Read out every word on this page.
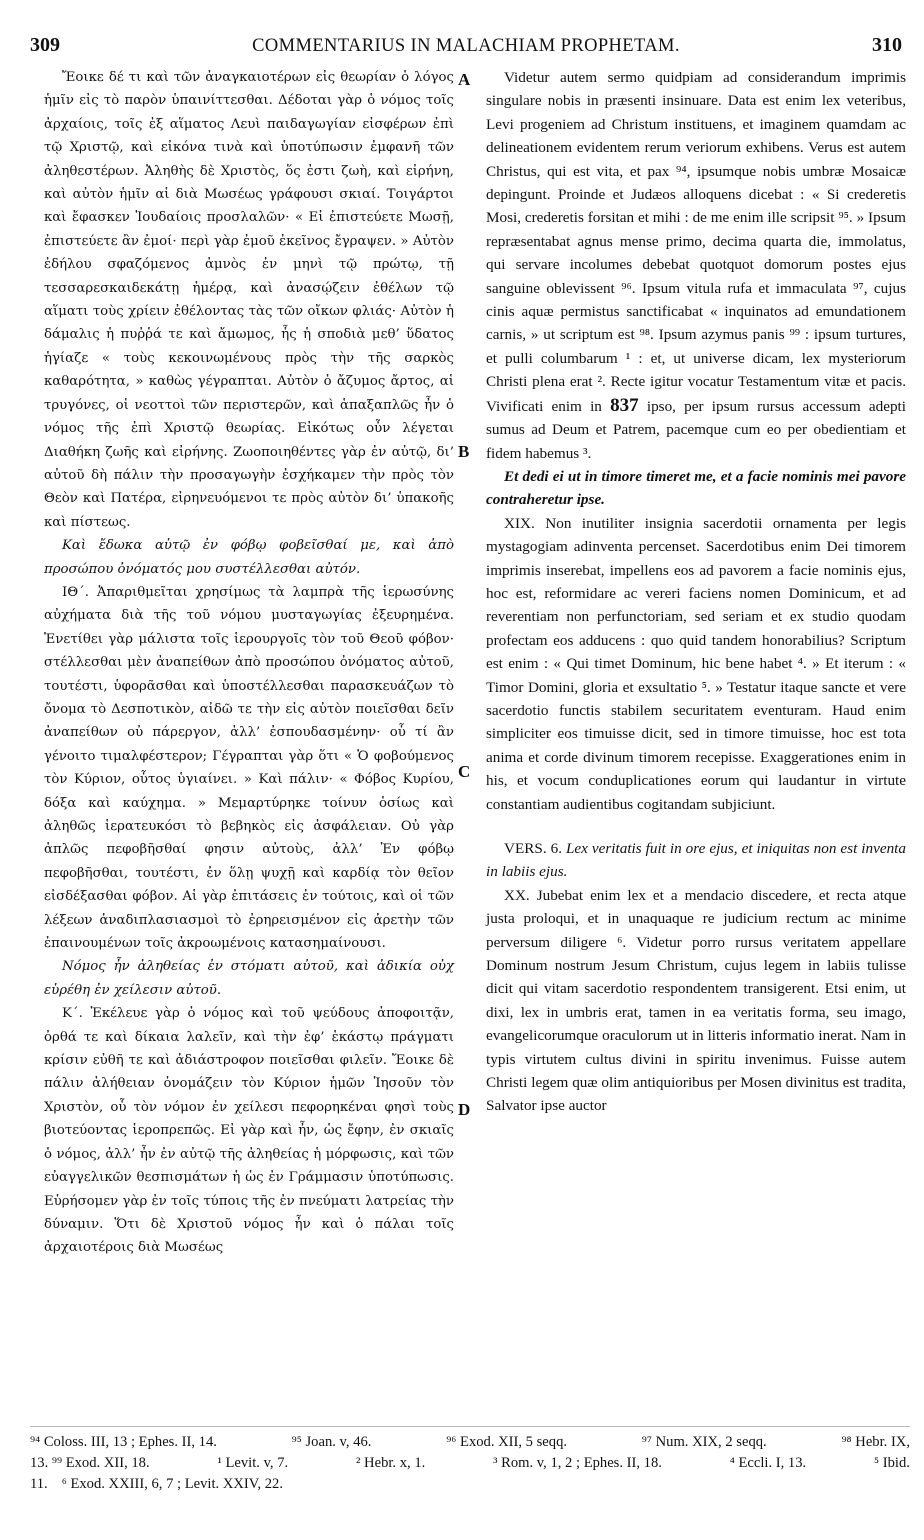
309	COMMENTARIUS IN MALACHIAM PROPHETAM.	310
A
B
C
D

Ἔοικε δέ τι καὶ τῶν ἀναγκαιοτέρων εἰς θεωρίαν ὁ λόγος ἡμῖν εἰς τὸ παρὸν ὑπαινίττεσθαι. Δέδοται γὰρ ὁ νόμος τοῖς ἀρχαίοις, τοῖς ἐξ αἵματος Λευὶ παιδαγωγίαν εἰσφέρων ἐπὶ τῷ Χριστῷ, καὶ εἰκόνα τινὰ καὶ ὑποτύπωσιν ἐμφανῆ τῶν ἀληθεστέρων. Ἀληθὴς δὲ Χριστὸς, ὅς ἐστι ζωὴ, καὶ εἰρήνη, καὶ αὐτὸν ἡμῖν αἱ διὰ Μωσέως γράφουσι σκιαί. Τοιγάρτοι καὶ ἔφασκεν Ἰουδαίοις προσλαλῶν· « Εἰ ἐπιστεύετε Μωσῇ, ἐπιστεύετε ἂν ἐμοί· περὶ γὰρ ἐμοῦ ἐκεῖνος ἔγραψεν. » Αὐτὸν ἐδήλου σφαζόμενος ἀμνὸς ἐν μηνὶ τῷ πρώτῳ, τῇ τεσσαρεσκαιδεκάτῃ ἡμέρᾳ, καὶ ἀνασῴζειν ἐθέλων τῷ αἵματι τοὺς χρίειν ἐθέλοντας τὰς τῶν οἴκων φλιάς· Αὐτὸν ἡ δάμαλις ἡ πυῤῥά τε καὶ ἄμωμος, ἧς ἡ σποδιὰ μεθ’ ὕδατος ἡγίαζε « τοὺς κεκοινωμένους πρὸς τὴν τῆς σαρκὸς καθαρότητα, » καθὼς γέγραπται. Αὐτὸν ὁ ἄζυμος ἄρτος, αἱ τρυγόνες, οἱ νεοττοὶ τῶν περιστερῶν, καὶ ἁπαξαπλῶς ἦν ὁ νόμος τῆς ἐπὶ Χριστῷ θεωρίας. Εἰκότως οὖν λέγεται Διαθήκη ζωῆς καὶ εἰρήνης. Ζωοποιηθέντες γὰρ ἐν αὐτῷ, δι’ αὐτοῦ δὴ πάλιν τὴν προσαγωγὴν ἐσχήκαμεν τὴν πρὸς τὸν Θεὸν καὶ Πατέρα, εἰρηνευόμενοι τε πρὸς αὐτὸν δι’ ὑπακοῆς καὶ πίστεως.

Καὶ ἔδωκα αὐτῷ ἐν φόβῳ φοβεῖσθαί με, καὶ ἀπὸ προσώπου ὀνόματός μου συστέλλεσθαι αὐτόν.

ΙΘ΄. Ἀπαριθμεῖται χρησίμως τὰ λαμπρὰ τῆς ἱερωσύνης αὐχήματα διὰ τῆς τοῦ νόμου μυσταγωγίας ἐξευρημένα. Ἐνετίθει γὰρ μάλιστα τοῖς ἱερουργοῖς τὸν τοῦ Θεοῦ φόβον· στέλλεσθαι μὲν ἀναπείθων ἀπὸ προσώπου ὀνόματος αὐτοῦ, τουτέστι, ὑφορᾶσθαι καὶ ὑποστέλλεσθαι παρασκευάζων τὸ ὄνομα τὸ Δεσποτικὸν, αἰδῶ τε τὴν εἰς αὐτὸν ποιεῖσθαι δεῖν ἀναπείθων οὐ πάρεργον, ἀλλ’ ἐσπουδασμένην· οὗ τί ἂν γένοιτο τιμαλφέστερον; Γέγραπται γὰρ ὅτι « Ὁ φοβούμενος τὸν Κύριον, οὗτος ὑγιαίνει. » Καὶ πάλιν· « Φόβος Κυρίου, δόξα καὶ καύχημα. » Μεμαρτύρηκε τοίνυν ὁσίως καὶ ἀληθῶς ἱερατευκόσι τὸ βεβηκὸς εἰς ἀσφάλειαν. Οὐ γὰρ ἁπλῶς πεφοβῆσθαί φησιν αὐτοὺς, ἀλλ’ Ἐν φόβῳ πεφοβῆσθαι, τουτέστι, ἐν ὅλῃ ψυχῇ καὶ καρδίᾳ τὸν θεῖον εἰσδέξασθαι φόβον. Αἱ γὰρ ἐπιτάσεις ἐν τούτοις, καὶ οἱ τῶν λέξεων ἀναδιπλασιασμοὶ τὸ ἐρηρεισμένον εἰς ἀρετὴν τῶν ἐπαινουμένων τοῖς ἀκροωμένοις κατασημαίνουσι.

Νόμος ἦν ἀληθείας ἐν στόματι αὐτοῦ, καὶ ἀδικία οὐχ εὑρέθη ἐν χείλεσιν αὐτοῦ.

Κ΄. Ἐκέλευε γὰρ ὁ νόμος καὶ τοῦ ψεύδους ἀποφοιτᾷν, ὀρθά τε καὶ δίκαια λαλεῖν, καὶ τὴν ἐφ’ ἑκάστῳ πράγματι κρίσιν εὐθῆ τε καὶ ἀδιάστροφον ποιεῖσθαι φιλεῖν. Ἔοικε δὲ πάλιν ἀλήθειαν ὀνομάζειν τὸν Κύριον ἡμῶν Ἰησοῦν τὸν Χριστὸν, οὗ τὸν νόμον ἐν χείλεσι πεφορηκέναι φησὶ τοὺς βιοτεύοντας ἱεροπρεπῶς. Εἰ γὰρ καὶ ἦν, ὡς ἔφην, ἐν σκιαῖς ὁ νόμος, ἀλλ’ ἦν ἐν αὐτῷ τῆς ἀληθείας ἡ μόρφωσις, καὶ τῶν εὐαγγελικῶν θεσπισμάτων ἡ ὡς ἐν Γράμμασιν ὑποτύπωσις. Εὑρήσομεν γὰρ ἐν τοῖς τύποις τῆς ἐν πνεύματι λατρείας τὴν δύναμιν. Ὅτι δὲ Χριστοῦ νόμος ἦν καὶ ὁ πάλαι τοῖς ἀρχαιοτέροις διὰ Μωσέως

Videtur autem sermo quidpiam ad considerandum imprimis singulare nobis in præsenti insinuare. Data est enim lex veteribus, Levi progeniem ad Christum instituens, et imaginem quamdam ac delineationem evidentem rerum veriorum exhibens. Verus est autem Christus, qui est vita, et pax ⁹⁴, ipsumque nobis umbræ Mosaicæ depingunt. Proinde et Judæos alloquens dicebat : « Si crederetis Mosi, crederetis forsitan et mihi : de me enim ille scripsit ⁹⁵. » Ipsum repræsentabat agnus mense primo, decima quarta die, immolatus, qui servare incolumes debebat quotquot domorum postes ejus sanguine oblevissent ⁹⁶. Ipsum vitula rufa et immaculata ⁹⁷, cujus cinis aquæ permistus sanctificabat « inquinatos ad emundationem carnis, » ut scriptum est ⁹⁸. Ipsum azymus panis ⁹⁹ : ipsum turtures, et pulli columbarum ¹ : et, ut universe dicam, lex mysteriorum Christi plena erat ². Recte igitur vocatur Testamentum vitæ et pacis. Vivificati enim in 837 ipso, per ipsum rursus accessum adepti sumus ad Deum et Patrem, pacemque cum eo per obedientiam et fidem habemus ³.

Et dedi ei ut in timore timeret me, et a facie nominis mei pavore contraheretur ipse.

XIX. Non inutiliter insignia sacerdotii ornamenta per legis mystagogiam adinventa percenset. Sacerdotibus enim Dei timorem imprimis inserebat, impellens eos ad pavorem a facie nominis ejus, hoc est, reformidare ac vereri faciens nomen Dominicum, et ad reverentiam non perfunctoriam, sed seriam et ex studio quodam profectam eos adducens : quo quid tandem honorabilius? Scriptum est enim : « Qui timet Dominum, hic bene habet ⁴. » Et iterum : « Timor Domini, gloria et exsultatio ⁵. » Testatur itaque sancte et vere sacerdotio functis stabilem securitatem eventuram. Haud enim simpliciter eos timuisse dicit, sed in timore timuisse, hoc est tota anima et corde divinum timorem recepisse. Exaggerationes enim in his, et vocum conduplicationes eorum qui laudantur in virtute constantiam audientibus cogitandam subjiciunt.

VERS. 6. Lex veritatis fuit in ore ejus, et iniquitas non est inventa in labiis ejus.

XX. Jubebat enim lex et a mendacio discedere, et recta atque justa proloqui, et in unaquaque re judicium rectum ac minime perversum diligere ⁶. Videtur porro rursus veritatem appellare Dominum nostrum Jesum Christum, cujus legem in labiis tulisse dicit qui vitam sacerdotio respondentem transigerent. Etsi enim, ut dixi, lex in umbris erat, tamen in ea veritatis forma, seu imago, evangelicorumque oraculorum ut in litteris informatio inerat. Nam in typis virtutem cultus divini in spiritu invenimus. Fuisse autem Christi legem quæ olim antiquioribus per Mosen divinitus est tradita, Salvator ipse auctor

⁹⁴ Coloss. III, 13 ; Ephes. II, 14.	⁹⁵ Joan. v, 46.	⁹⁶ Exod. XII, 5 seqq.	⁹⁷ Num. XIX, 2 seqq.	⁹⁸ Hebr. IX,
13. ⁹⁹ Exod. XII, 18.	¹ Levit. v, 7.	² Hebr. x, 1.	³ Rom. v, 1, 2 ; Ephes. II, 18.	⁴ Eccli. I, 13.	⁵ Ibid.
11. ⁶ Exod. XXIII, 6, 7 ; Levit. XXIV, 22.
